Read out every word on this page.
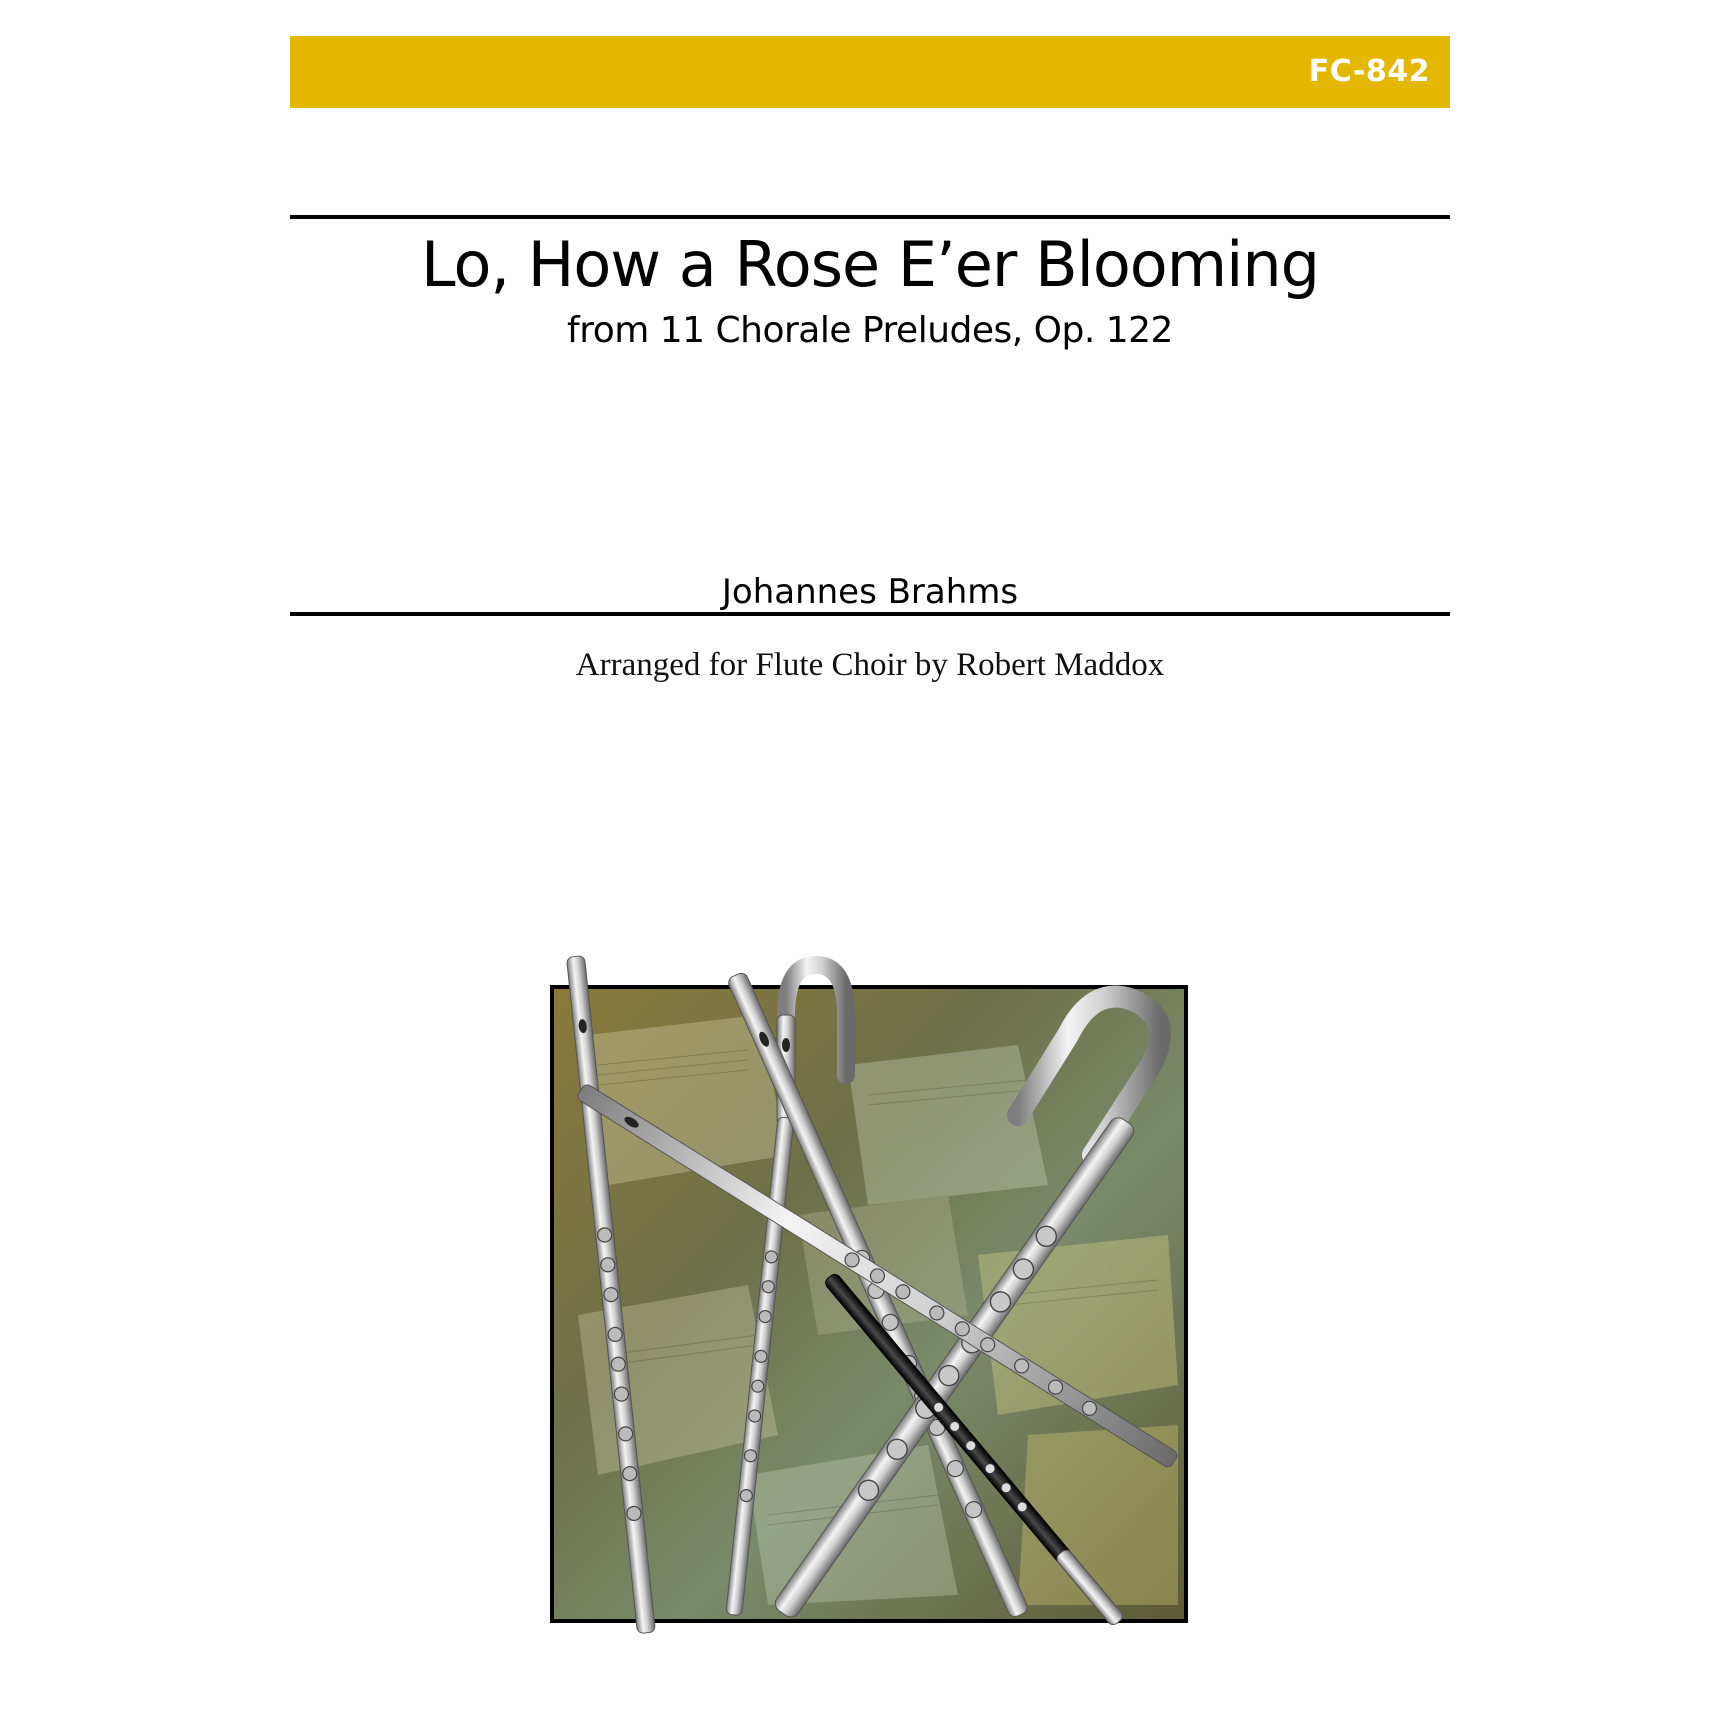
FC-842
Lo, How a Rose E’er Blooming
from 11 Chorale Preludes, Op. 122
Johannes Brahms
Arranged for Flute Choir by Robert Maddox
